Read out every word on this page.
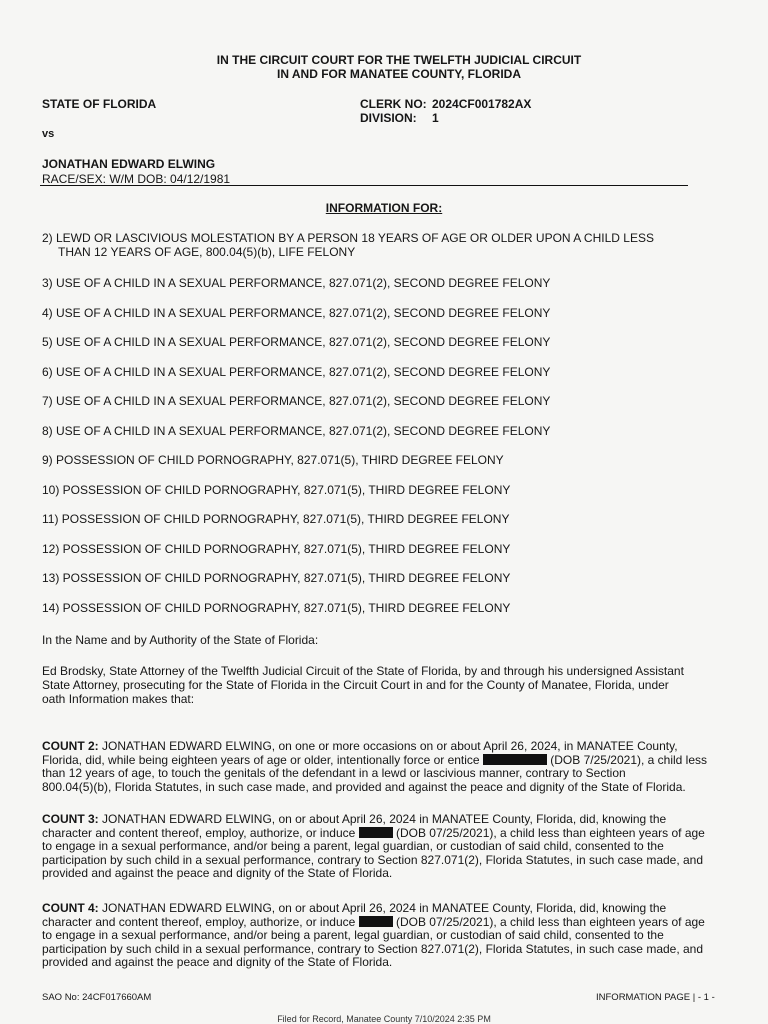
IN THE CIRCUIT COURT FOR THE TWELFTH JUDICIAL CIRCUIT
IN AND FOR MANATEE COUNTY, FLORIDA
STATE OF FLORIDA	CLERK NO: 2024CF001782AX
DIVISION: 1
vs
JONATHAN EDWARD ELWING
RACE/SEX: W/M DOB: 04/12/1981
INFORMATION FOR:
2) LEWD OR LASCIVIOUS MOLESTATION BY A PERSON 18 YEARS OF AGE OR OLDER UPON A CHILD LESS
THAN 12 YEARS OF AGE, 800.04(5)(b), LIFE FELONY
3) USE OF A CHILD IN A SEXUAL PERFORMANCE, 827.071(2), SECOND DEGREE FELONY
4) USE OF A CHILD IN A SEXUAL PERFORMANCE, 827.071(2), SECOND DEGREE FELONY
5) USE OF A CHILD IN A SEXUAL PERFORMANCE, 827.071(2), SECOND DEGREE FELONY
6) USE OF A CHILD IN A SEXUAL PERFORMANCE, 827.071(2), SECOND DEGREE FELONY
7) USE OF A CHILD IN A SEXUAL PERFORMANCE, 827.071(2), SECOND DEGREE FELONY
8) USE OF A CHILD IN A SEXUAL PERFORMANCE, 827.071(2), SECOND DEGREE FELONY
9) POSSESSION OF CHILD PORNOGRAPHY, 827.071(5), THIRD DEGREE FELONY
10) POSSESSION OF CHILD PORNOGRAPHY, 827.071(5), THIRD DEGREE FELONY
11) POSSESSION OF CHILD PORNOGRAPHY, 827.071(5), THIRD DEGREE FELONY
12) POSSESSION OF CHILD PORNOGRAPHY, 827.071(5), THIRD DEGREE FELONY
13) POSSESSION OF CHILD PORNOGRAPHY, 827.071(5), THIRD DEGREE FELONY
14) POSSESSION OF CHILD PORNOGRAPHY, 827.071(5), THIRD DEGREE FELONY
In the Name and by Authority of the State of Florida:
Ed Brodsky, State Attorney of the Twelfth Judicial Circuit of the State of Florida, by and through his undersigned Assistant
State Attorney, prosecuting for the State of Florida in the Circuit Court in and for the County of Manatee, Florida, under
oath Information makes that:
COUNT 2: JONATHAN EDWARD ELWING, on one or more occasions on or about April 26, 2024, in MANATEE County,
Florida, did, while being eighteen years of age or older, intentionally force or entice	(DOB 7/25/2021), a child less
than 12 years of age, to touch the genitals of the defendant in a lewd or lascivious manner, contrary to Section
800.04(5)(b), Florida Statutes, in such case made, and provided and against the peace and dignity of the State of Florida.
COUNT 3: JONATHAN EDWARD ELWING, on or about April 26, 2024 in MANATEE County, Florida, did, knowing the
character and content thereof, employ, authorize, or induce	(DOB 07/25/2021), a child less than eighteen years of age
to engage in a sexual performance, and/or being a parent, legal guardian, or custodian of said child, consented to the
participation by such child in a sexual performance, contrary to Section 827.071(2), Florida Statutes, in such case made, and
provided and against the peace and dignity of the State of Florida.
COUNT 4: JONATHAN EDWARD ELWING, on or about April 26, 2024 in MANATEE County, Florida, did, knowing the
character and content thereof, employ, authorize, or induce	(DOB 07/25/2021), a child less than eighteen years of age
to engage in a sexual performance, and/or being a parent, legal guardian, or custodian of said child, consented to the
participation by such child in a sexual performance, contrary to Section 827.071(2), Florida Statutes, in such case made, and
provided and against the peace and dignity of the State of Florida.
SAO No: 24CF017660AM	INFORMATION PAGE | - 1 -
Filed for Record, Manatee County 7/10/2024 2:35 PM
